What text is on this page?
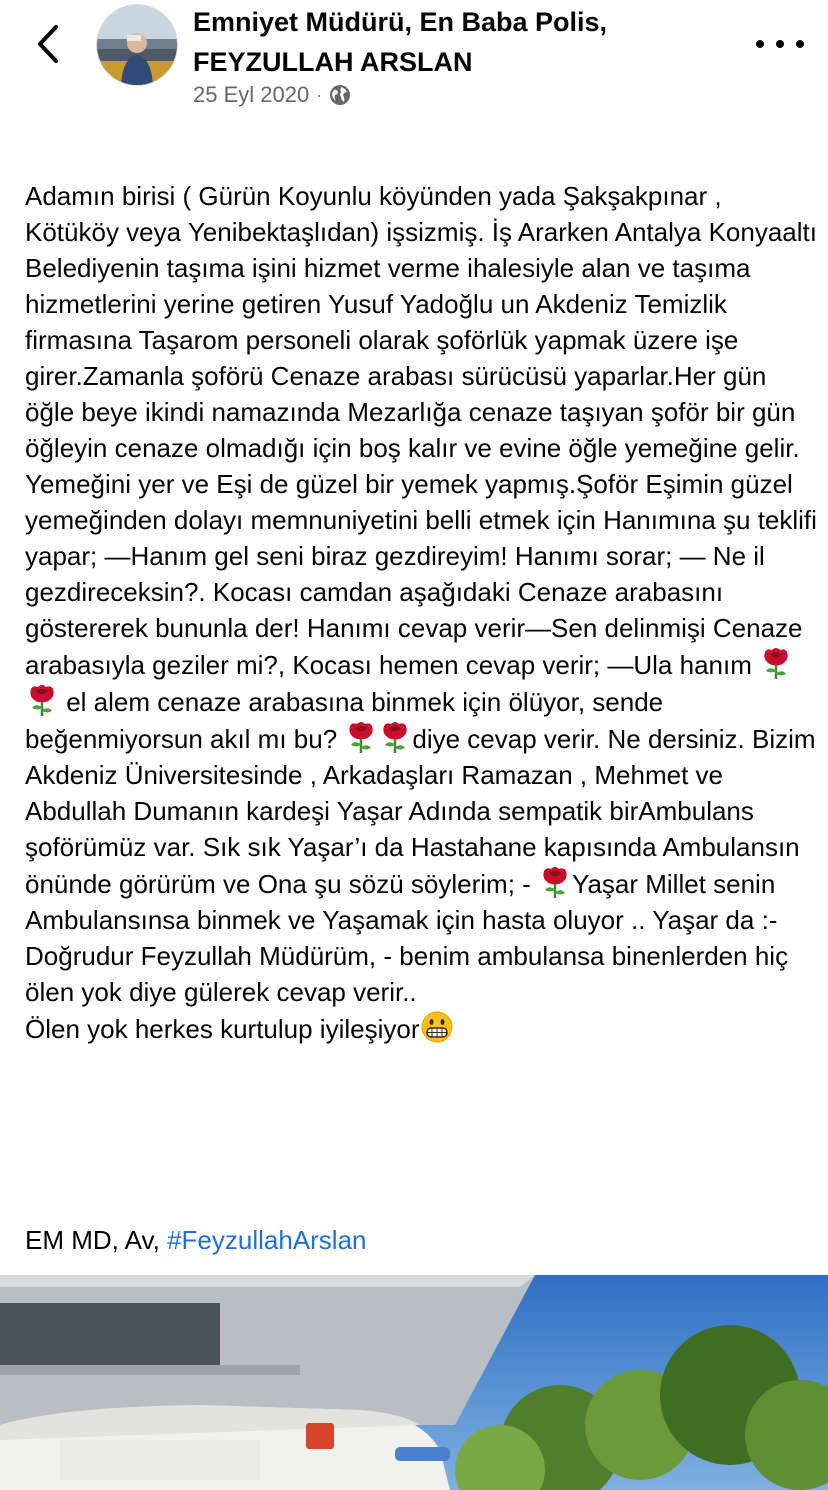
Emniyet Müdürü, En Baba Polis,
FEYZULLAH ARSLAN
25 Eyl 2020 ·

Adamın birisi ( Gürün Koyunlu köyünden yada Şakşakpınar , Kötüköy veya Yenibektaşlıdan) işsizmiş. İş Ararken Antalya Konyaaltı Belediyenin taşıma işini hizmet verme ihalesiyle alan ve taşıma hizmetlerini yerine getiren Yusuf Yadoğlu un Akdeniz Temizlik firmasına Taşarom personeli olarak şoförlük yapmak üzere işe girer.Zamanla şoförü Cenaze arabası sürücüsü yaparlar.Her gün öğle beye ikindi namazında Mezarlığa cenaze taşıyan şoför bir gün öğleyin cenaze olmadığı için boş kalır ve evine öğle yemeğine gelir. Yemeğini yer ve Eşi de güzel bir yemek yapmış.Şoför Eşimin güzel yemeğinden dolayı memnuniyetini belli etmek için Hanımına şu teklifi yapar; —Hanım gel seni biraz gezdireyim! Hanımı sorar; — Ne il gezdireceksin?. Kocası camdan aşağıdaki Cenaze arabasını göstererek bununla der! Hanımı cevap verir—Sen delinmişi Cenaze arabasıyla geziler mi?, Kocası hemen cevap verir; —Ula hanım
el alem cenaze arabasına binmek için ölüyor, sende beğenmiyorsun akıl mı bu?	diye cevap verir. Ne dersiniz. Bizim Akdeniz Üniversitesinde , Arkadaşları Ramazan , Mehmet ve Abdullah Dumanın kardeşi Yaşar Adında sempatik birAmbulans şoförümüz var. Sık sık Yaşar’ı da Hastahane kapısında Ambulansın önünde görürüm ve Ona şu sözü söylerim; - Yaşar Millet senin Ambulansınsa binmek ve Yaşamak için hasta oluyor .. Yaşar da :-Doğrudur Feyzullah Müdürüm, - benim ambulansa binenlerden hiç ölen yok diye gülerek cevap verir..
Ölen yok herkes kurtulup iyileşiyor

EM MD, Av, #FeyzullahArslan
